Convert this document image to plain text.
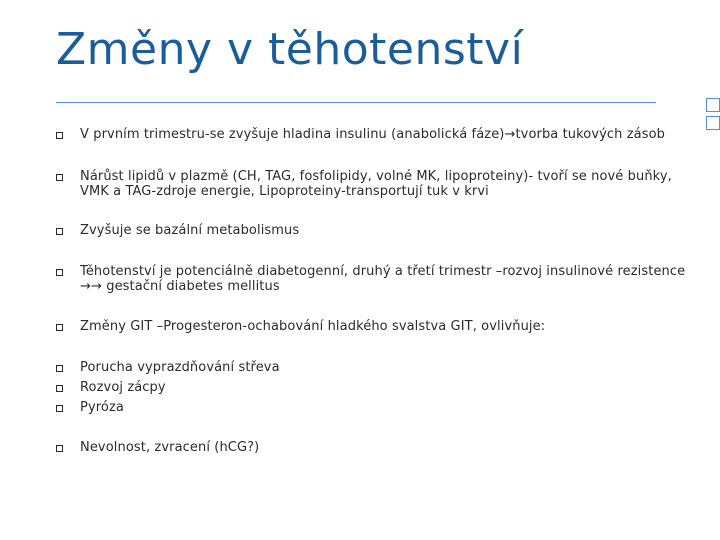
Změny v těhotenství
V prvním trimestru-se zvyšuje hladina insulinu (anabolická fáze)→tvorba tukových zásob
Nárůst lipidů v plazmě (CH, TAG, fosfolipidy, volné MK, lipoproteiny)- tvoří se nové buňky, VMK a TAG-zdroje energie, Lipoproteiny-transportují tuk v krvi
Zvyšuje se bazální metabolismus
Těhotenství je potenciálně diabetogenní, druhý a třetí trimestr –rozvoj insulinové rezistence →→ gestační diabetes mellitus
Změny GIT –Progesteron-ochabování hladkého svalstva GIT, ovlivňuje:
Porucha vyprazdňování střeva
Rozvoj zácpy
Pyróza
Nevolnost, zvracení (hCG?)
